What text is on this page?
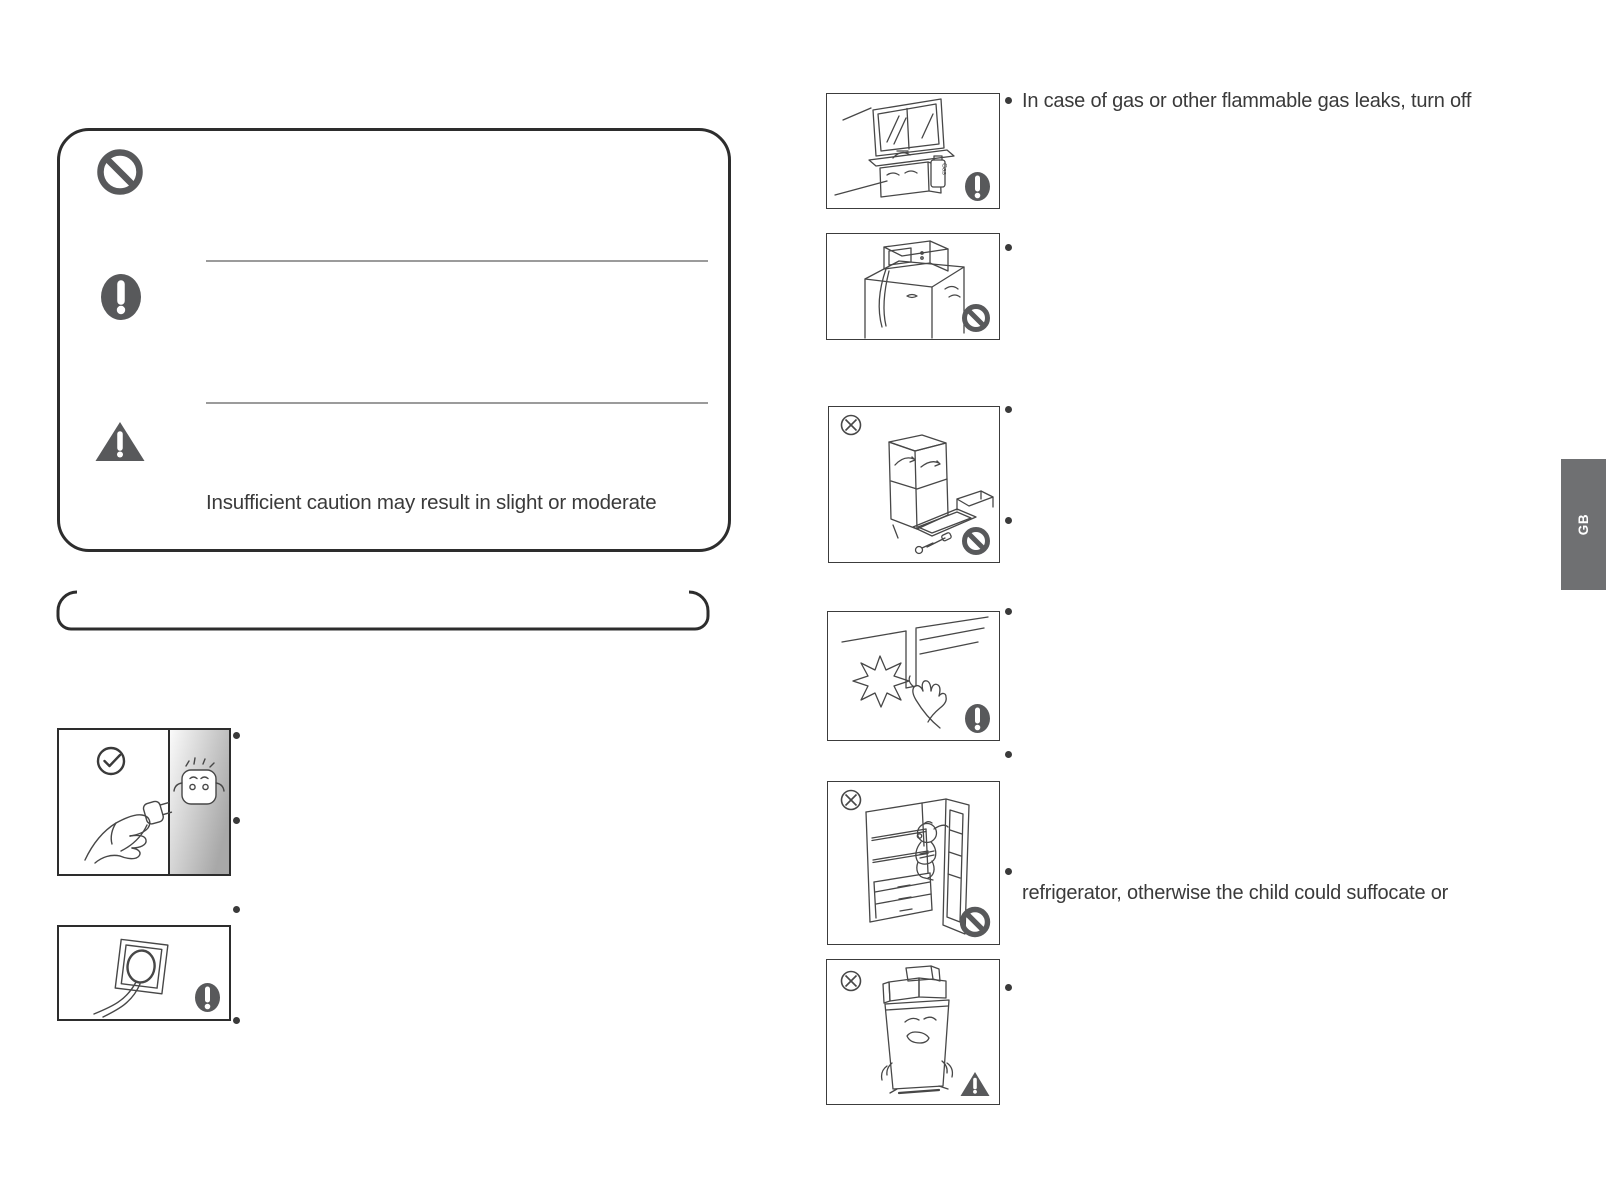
Insufficient caution may result in slight or moderate
Gas
In case of gas or other flammable gas leaks, turn off
refrigerator, otherwise the child could suffocate or
GB
